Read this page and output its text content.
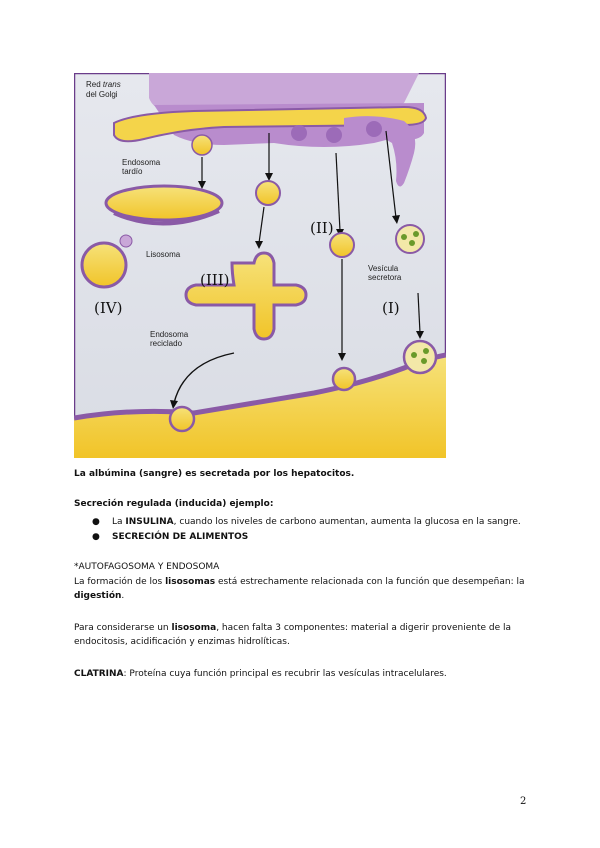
Red trans
del Golgi
Endosoma
tardío
Lisosoma
(IV)
(III)
Endosoma
reciclado
(II)
Vesícula
secretora
(I)
La albúmina (sangre) es secretada por los hepatocitos.
Secreción regulada (inducida) ejemplo:
● La INSULINA, cuando los niveles de carbono aumentan, aumenta la glucosa en la sangre.
● SECRECIÓN DE ALIMENTOS
*AUTOFAGOSOMA Y ENDOSOMA
La formación de los lisosomas está estrechamente relacionada con la función que desempeñan: la
digestión.
Para considerarse un lisosoma, hacen falta 3 componentes: material a digerir proveniente de la
endocitosis, acidificación y enzimas hidrolíticas.
CLATRINA: Proteína cuya función principal es recubrir las vesículas intracelulares.
2
